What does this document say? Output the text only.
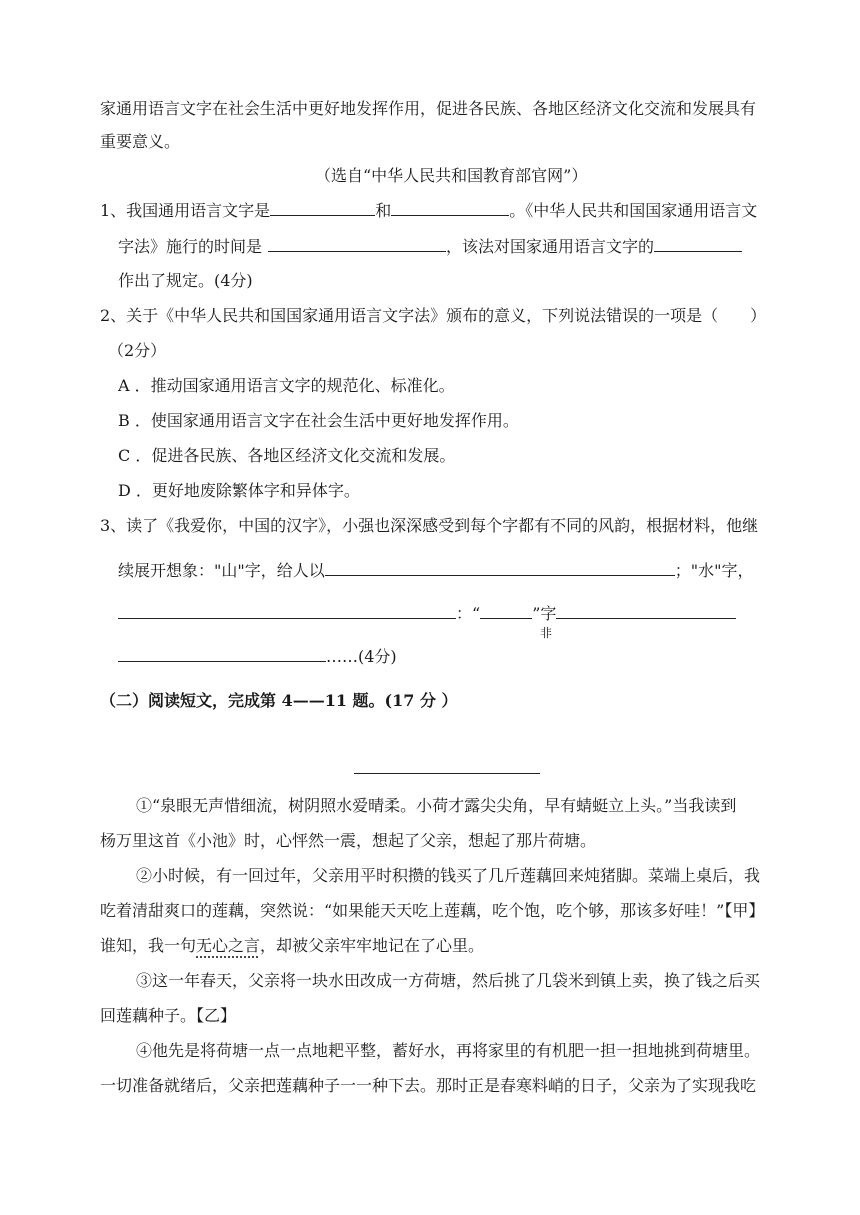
家通用语言文字在社会生活中更好地发挥作用，促进各民族、各地区经济文化交流和发展具有
重要意义。
（选自“中华人民共和国教育部官网”）
1、我国通用语言文字是	和	。《中华人民共和国国家通用语言文
字法》施行的时间是	，该法对国家通用语言文字的
作出了规定。(4分)
2、关于《中华人民共和国国家通用语言文字法》颁布的意义，下列说法错误的一项是（　　）
（2分）
A ．推动国家通用语言文字的规范化、标准化。
B ．使国家通用语言文字在社会生活中更好地发挥作用。
C ．促进各民族、各地区经济文化交流和发展。
D ．更好地废除繁体字和异体字。
3、读了《我爱你，中国的汉字》，小强也深深感受到每个字都有不同的风韵，根据材料，他继
续展开想象："山"字，给人以	；"水"字，
：“	”字
非
……(4分)
（二）阅读短文，完成第 4——11 题。(17 分 ）
①“泉眼无声惜细流，树阴照水爱晴柔。小荷才露尖尖角，早有蜻蜓立上头。”当我读到
杨万里这首《小池》时，心怦然一震，想起了父亲，想起了那片荷塘。
②小时候，有一回过年，父亲用平时积攒的钱买了几斤莲藕回来炖猪脚。菜端上桌后，我
吃着清甜爽口的莲藕，突然说：“如果能天天吃上莲藕，吃个饱，吃个够，那该多好哇！”【甲】
谁知，我一句无心之言，却被父亲牢牢地记在了心里。
③这一年春天，父亲将一块水田改成一方荷塘，然后挑了几袋米到镇上卖，换了钱之后买
回莲藕种子。【乙】
④他先是将荷塘一点一点地耙平整，蓄好水，再将家里的有机肥一担一担地挑到荷塘里。
一切准备就绪后，父亲把莲藕种子一一种下去。那时正是春寒料峭的日子，父亲为了实现我吃
